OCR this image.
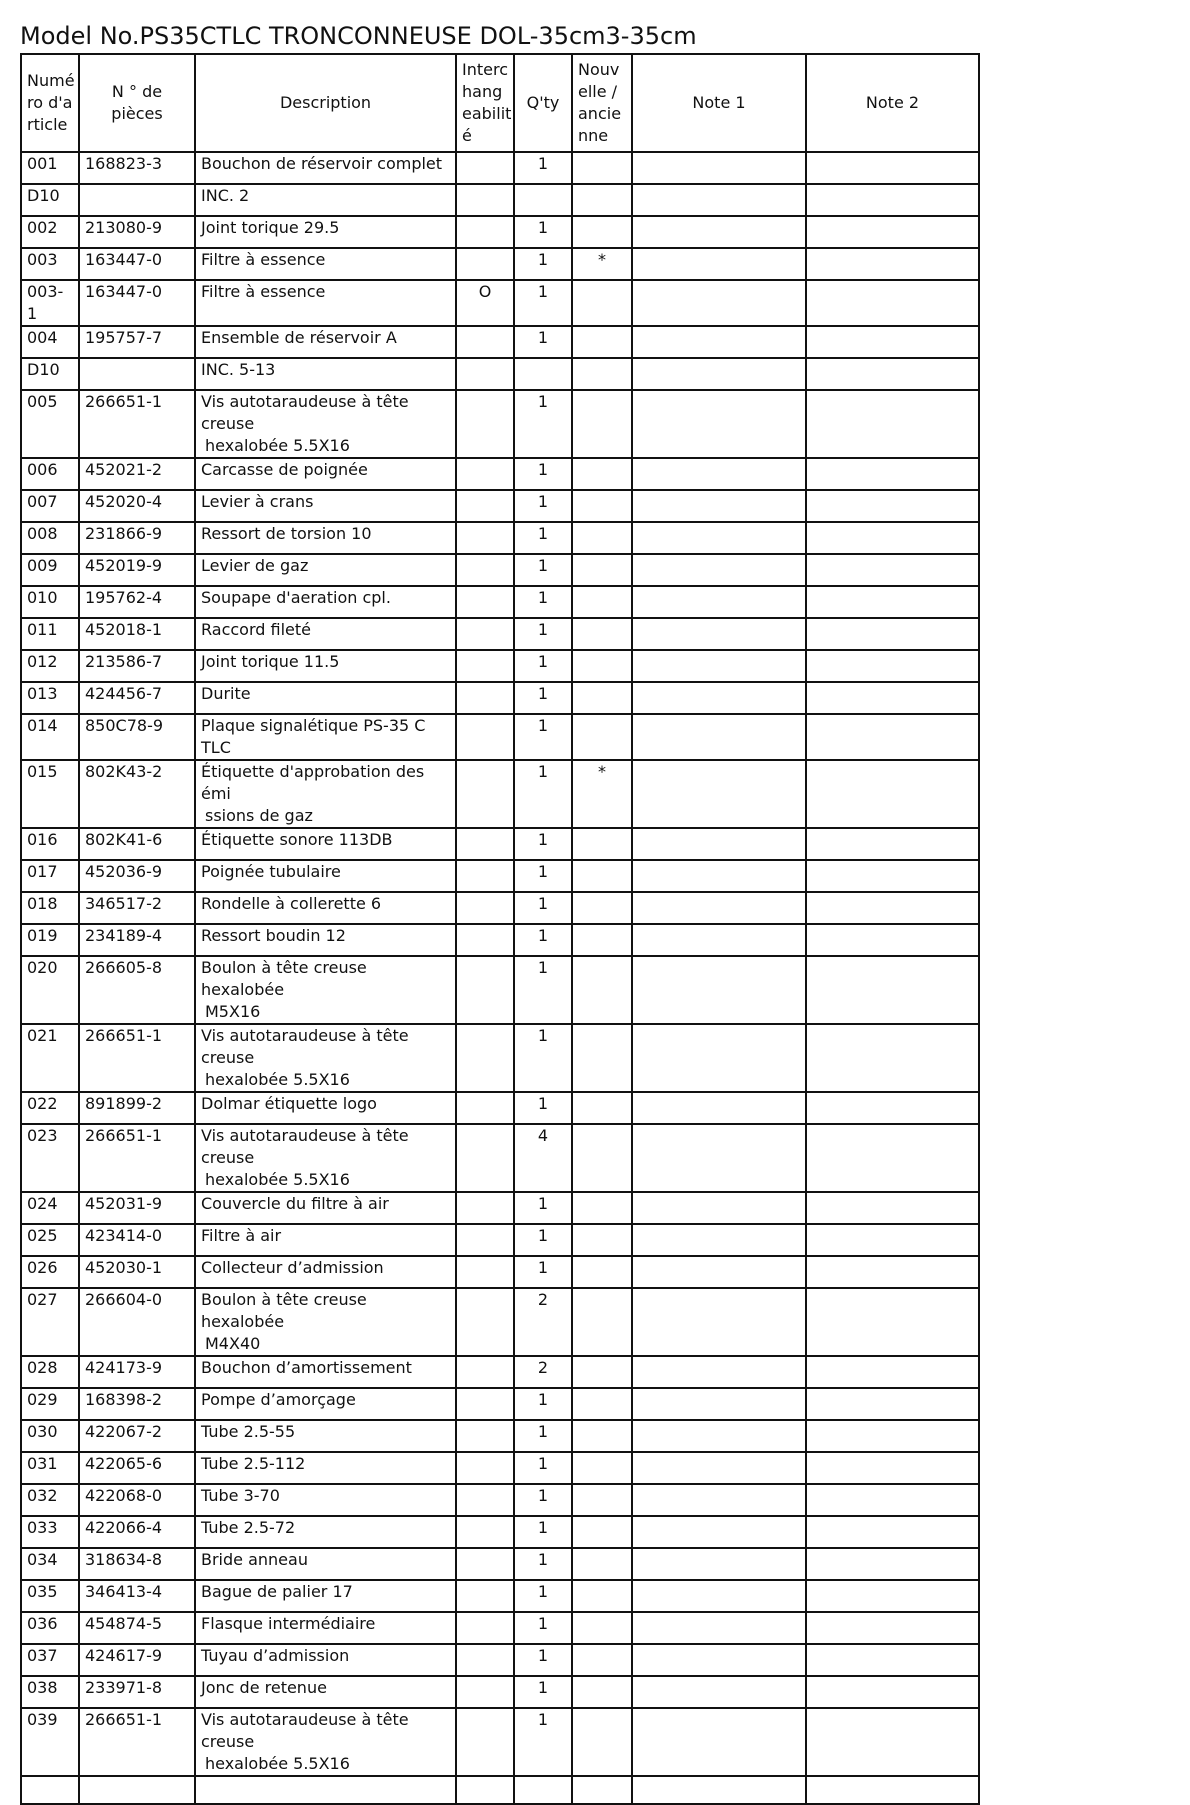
Model No.PS35CTLC TRONCONNEUSE DOL-35cm3-35cm
Numé ro d'a rticle	N ° de pièces	Description	Interc hang eabilit é	Q'ty	Nouv elle / ancie nne	Note 1	Note 2
001	168823-3	Bouchon de réservoir complet		1			
D10		INC. 2					
002	213080-9	Joint torique 29.5		1			
003	163447-0	Filtre à essence		1	*		
003-1	163447-0	Filtre à essence	O	1			
004	195757-7	Ensemble de réservoir A		1			
D10		INC. 5-13					
005	266651-1	Vis autotaraudeuse à tête creuse
hexalobée 5.5X16		1			
006	452021-2	Carcasse de poignée		1			
007	452020-4	Levier à crans		1			
008	231866-9	Ressort de torsion 10		1			
009	452019-9	Levier de gaz		1			
010	195762-4	Soupape d'aeration cpl.		1			
011	452018-1	Raccord fileté		1			
012	213586-7	Joint torique 11.5		1			
013	424456-7	Durite		1			
014	850C78-9	Plaque signalétique PS-35 C TLC		1			
015	802K43-2	Étiquette d'approbation des émi
ssions de gaz		1	*		
016	802K41-6	Étiquette sonore 113DB		1			
017	452036-9	Poignée tubulaire		1			
018	346517-2	Rondelle à collerette 6		1			
019	234189-4	Ressort boudin 12		1			
020	266605-8	Boulon à tête creuse hexalobée
M5X16		1			
021	266651-1	Vis autotaraudeuse à tête creuse
hexalobée 5.5X16		1			
022	891899-2	Dolmar étiquette logo		1			
023	266651-1	Vis autotaraudeuse à tête creuse
hexalobée 5.5X16		4			
024	452031-9	Couvercle du filtre à air		1			
025	423414-0	Filtre à air		1			
026	452030-1	Collecteur d’admission		1			
027	266604-0	Boulon à tête creuse hexalobée
M4X40		2			
028	424173-9	Bouchon d’amortissement		2			
029	168398-2	Pompe d’amorçage		1			
030	422067-2	Tube 2.5-55		1			
031	422065-6	Tube 2.5-112		1			
032	422068-0	Tube 3-70		1			
033	422066-4	Tube 2.5-72		1			
034	318634-8	Bride anneau		1			
035	346413-4	Bague de palier 17		1			
036	454874-5	Flasque intermédiaire		1			
037	424617-9	Tuyau d’admission		1			
038	233971-8	Jonc de retenue		1			
039	266651-1	Vis autotaraudeuse à tête creuse
hexalobée 5.5X16		1			
